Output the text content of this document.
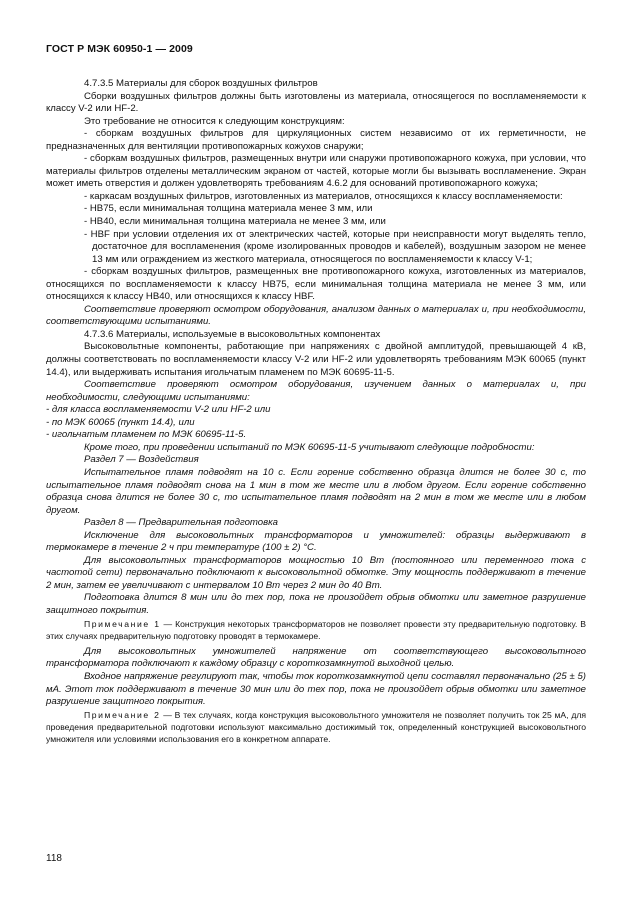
ГОСТ Р МЭК 60950-1 — 2009

4.7.3.5 Материалы для сборок воздушных фильтров

Сборки воздушных фильтров должны быть изготовлены из материала, относящегося по воспламеняемости к классу V-2 или HF-2.

Это требование не относится к следующим конструкциям:

- сборкам воздушных фильтров для циркуляционных систем независимо от их герметичности, не предназначенных для вентиляции противопожарных кожухов снаружи;

- сборкам воздушных фильтров, размещенных внутри или снаружи противопожарного кожуха, при условии, что материалы фильтров отделены металлическим экраном от частей, которые могли бы вызывать воспламенение. Экран может иметь отверстия и должен удовлетворять требованиям 4.6.2 для оснований противопожарного кожуха;

- каркасам воздушных фильтров, изготовленных из материалов, относящихся к классу воспламеняемости:

- HB75, если минимальная толщина материала менее 3 мм, или

- HB40, если минимальная толщина материала не менее 3 мм, или

- HBF при условии отделения их от электрических частей, которые при неисправности могут выделять тепло, достаточное для воспламенения (кроме изолированных проводов и кабелей), воздушным зазором не менее 13 мм или ограждением из жесткого материала, относящегося по воспламеняемости к классу V-1;

- сборкам воздушных фильтров, размещенных вне противопожарного кожуха, изготовленных из материалов, относящихся по воспламеняемости к классу HB75, если минимальная толщина материала не менее 3 мм, или относящихся к классу HB40, или относящихся к классу HBF.

Соответствие проверяют осмотром оборудования, анализом данных о материалах и, при необходимости, соответствующими испытаниями.

4.7.3.6 Материалы, используемые в высоковольтных компонентах

Высоковольтные компоненты, работающие при напряжениях с двойной амплитудой, превышающей 4 кВ, должны соответствовать по воспламеняемости классу V-2 или HF-2 или удовлетворять требованиям МЭК 60065 (пункт 14.4), или выдерживать испытания игольчатым пламенем по МЭК 60695-11-5.

Соответствие проверяют осмотром оборудования, изучением данных о материалах и, при необходимости, следующими испытаниями:

- для класса воспламеняемости V-2 или HF-2 или

- по МЭК 60065 (пункт 14.4), или

- игольчатым пламенем по МЭК 60695-11-5.

Кроме того, при проведении испытаний по МЭК 60695-11-5 учитывают следующие подробности:

Раздел 7 — Воздействия

Испытательное пламя подводят на 10 с. Если горение собственно образца длится не более 30 с, то испытательное пламя подводят снова на 1 мин в том же месте или в любом другом. Если горение собственно образца снова длится не более 30 с, то испытательное пламя подводят на 2 мин в том же месте или в любом другом.

Раздел 8 — Предварительная подготовка

Исключение для высоковольтных трансформаторов и умножителей: образцы выдерживают в термокамере в течение 2 ч при температуре (100 ± 2) °C.

Для высоковольтных трансформаторов мощностью 10 Вт (постоянного или переменного тока с частотой сети) первоначально подключают к высоковольтной обмотке. Эту мощность поддерживают в течение 2 мин, затем ее увеличивают с интервалом 10 Вт через 2 мин до 40 Вт.

Подготовка длится 8 мин или до тех пор, пока не произойдет обрыв обмотки или заметное разрушение защитного покрытия.

Примечание 1 — Конструкция некоторых трансформаторов не позволяет провести эту предварительную подготовку. В этих случаях предварительную подготовку проводят в термокамере.

Для высоковольтных умножителей напряжение от соответствующего высоковольтного трансформатора подключают к каждому образцу с короткозамкнутой выходной целью.

Входное напряжение регулируют так, чтобы ток короткозамкнутой цепи составлял первоначально (25 ± 5) мА. Этот ток поддерживают в течение 30 мин или до тех пор, пока не произойдет обрыв обмотки или заметное разрушение защитного покрытия.

Примечание 2 — В тех случаях, когда конструкция высоковольтного умножителя не позволяет получить ток 25 мА, для проведения предварительной подготовки используют максимально достижимый ток, определенный конструкцией высоковольтного умножителя или условиями использования его в конкретном аппарате.

118
